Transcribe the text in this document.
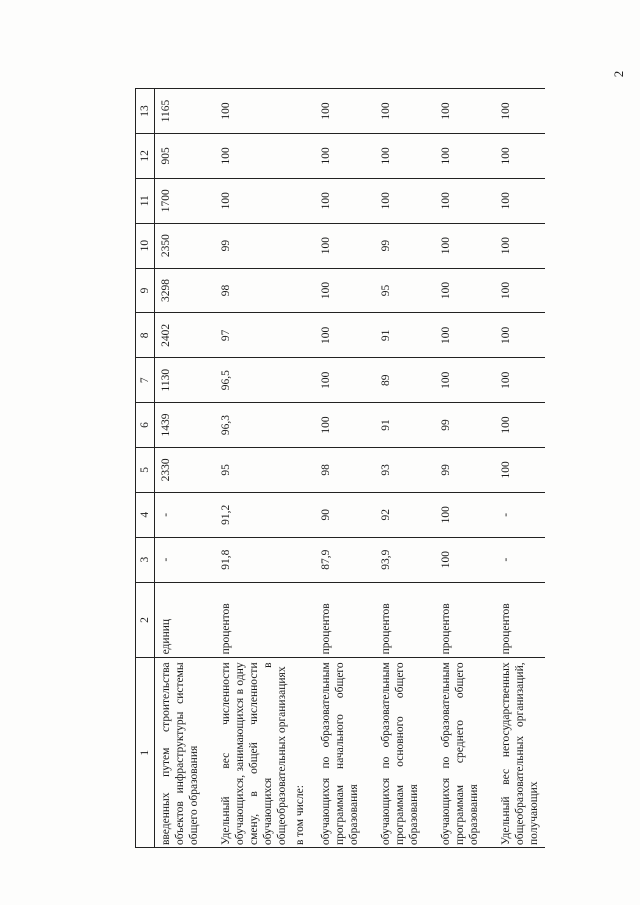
2
1	2	3	4	5	6	7	8	9	10	11	12	13
введенных путем строительства объектов инфраструктуры системы общего образования	единиц	-	-	2330	1439	1130	2402	3298	2350	1700	905	1165
Удельный вес численности обучающихся, занимающихся в одну смену, в общей численности обучающихся в общеобразовательных организациях	процентов	91,8	91,2	95	96,3	96,5	97	98	99	100	100	100
в том числе:												
обучающихся по образовательным программам начального общего образования	процентов	87,9	90	98	100	100	100	100	100	100	100	100
обучающихся по образовательным программам основного общего образования	процентов	93,9	92	93	91	89	91	95	99	100	100	100
обучающихся по образовательным программам среднего общего образования	процентов	100	100	99	99	100	100	100	100	100	100	100
Удельный вес негосударственных общеобразовательных организаций, получающих	процентов	-	-	100	100	100	100	100	100	100	100	100
